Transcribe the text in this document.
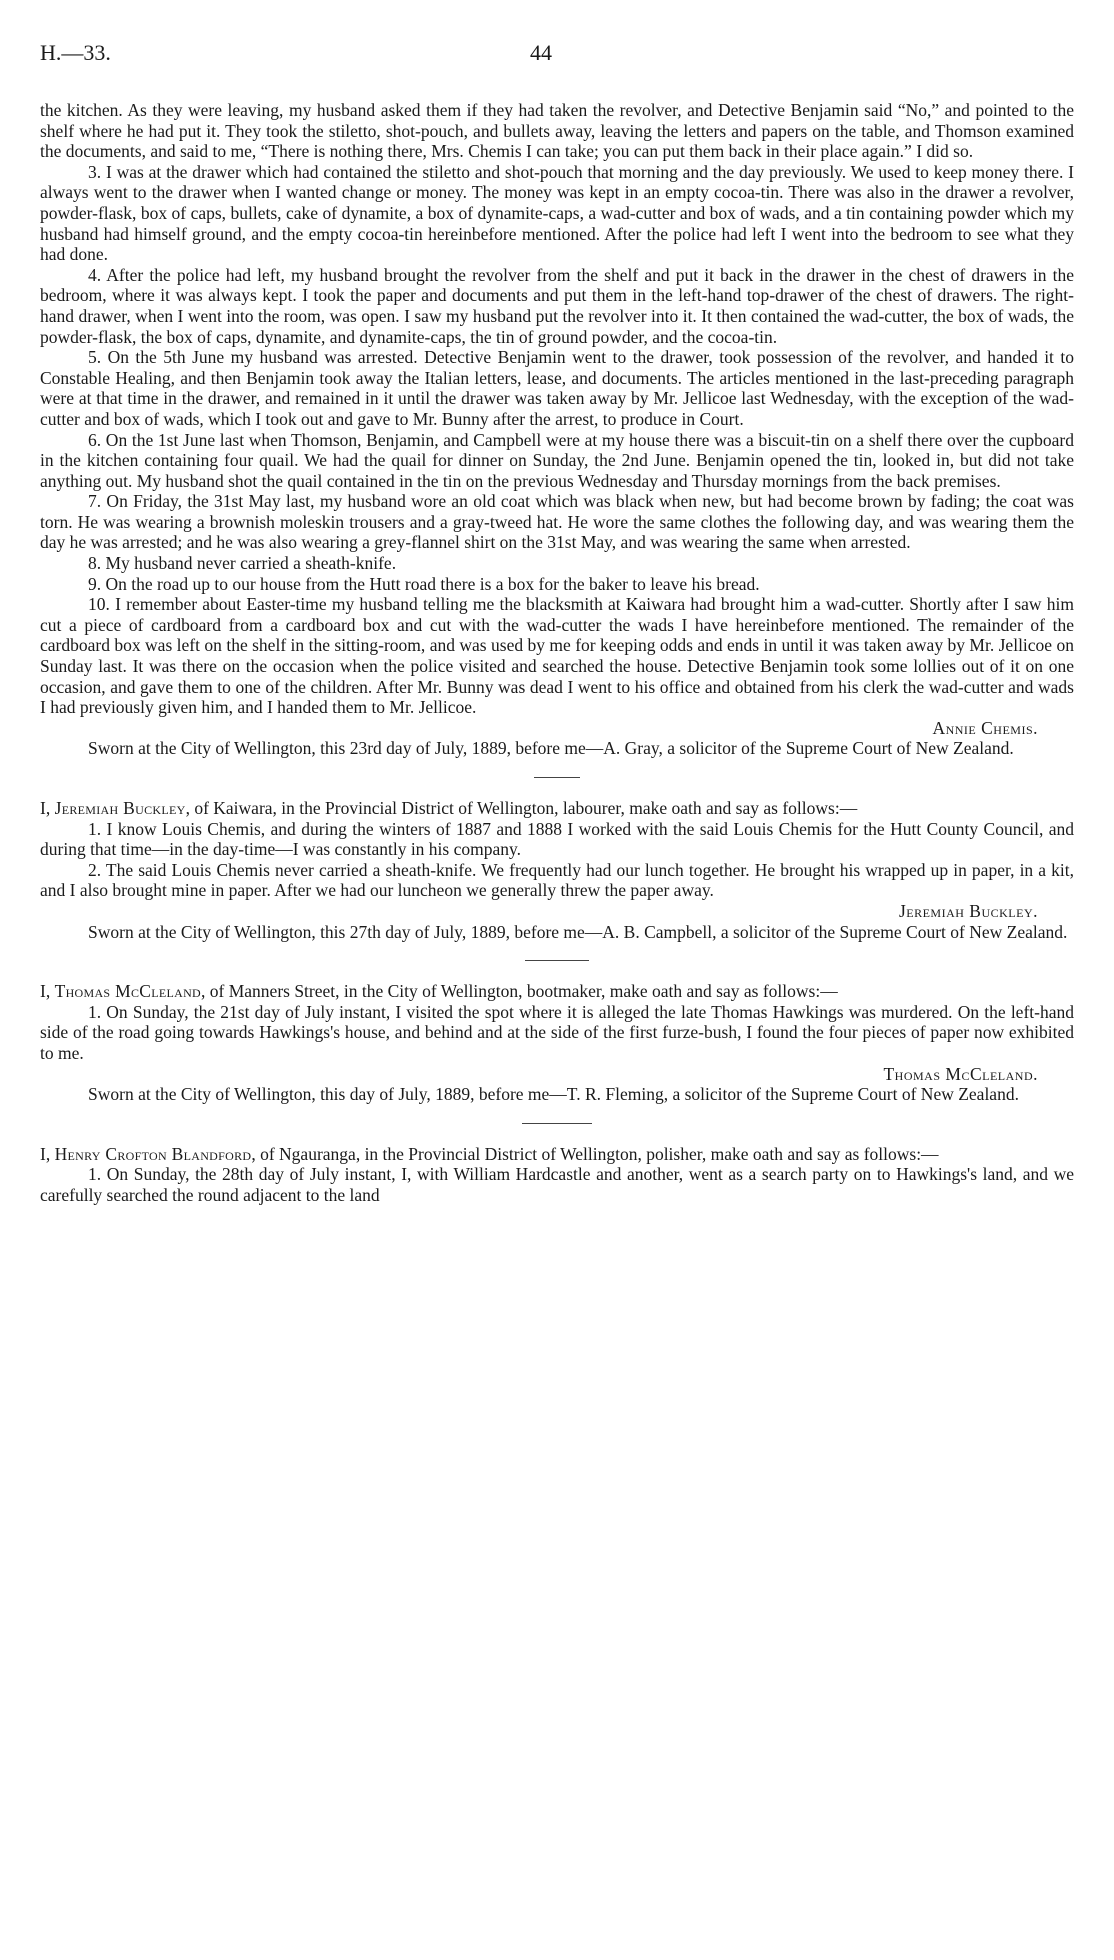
H.—33.	44

the kitchen. As they were leaving, my husband asked them if they had taken the revolver, and Detective Benjamin said “No,” and pointed to the shelf where he had put it. They took the stiletto, shot-pouch, and bullets away, leaving the letters and papers on the table, and Thomson examined the documents, and said to me, “There is nothing there, Mrs. Chemis I can take; you can put them back in their place again.” I did so.

3. I was at the drawer which had contained the stiletto and shot-pouch that morning and the day previously. We used to keep money there. I always went to the drawer when I wanted change or money. The money was kept in an empty cocoa-tin. There was also in the drawer a revolver, powder-flask, box of caps, bullets, cake of dynamite, a box of dynamite-caps, a wad-cutter and box of wads, and a tin containing powder which my husband had himself ground, and the empty cocoa-tin hereinbefore mentioned. After the police had left I went into the bedroom to see what they had done.

4. After the police had left, my husband brought the revolver from the shelf and put it back in the drawer in the chest of drawers in the bedroom, where it was always kept. I took the paper and documents and put them in the left-hand top-drawer of the chest of drawers. The right-hand drawer, when I went into the room, was open. I saw my husband put the revolver into it. It then contained the wad-cutter, the box of wads, the powder-flask, the box of caps, dynamite, and dynamite-caps, the tin of ground powder, and the cocoa-tin.

5. On the 5th June my husband was arrested. Detective Benjamin went to the drawer, took possession of the revolver, and handed it to Constable Healing, and then Benjamin took away the Italian letters, lease, and documents. The articles mentioned in the last-preceding paragraph were at that time in the drawer, and remained in it until the drawer was taken away by Mr. Jellicoe last Wednesday, with the exception of the wad-cutter and box of wads, which I took out and gave to Mr. Bunny after the arrest, to produce in Court.

6. On the 1st June last when Thomson, Benjamin, and Campbell were at my house there was a biscuit-tin on a shelf there over the cupboard in the kitchen containing four quail. We had the quail for dinner on Sunday, the 2nd June. Benjamin opened the tin, looked in, but did not take anything out. My husband shot the quail contained in the tin on the previous Wednesday and Thursday mornings from the back premises.

7. On Friday, the 31st May last, my husband wore an old coat which was black when new, but had become brown by fading; the coat was torn. He was wearing a brownish moleskin trousers and a gray-tweed hat. He wore the same clothes the following day, and was wearing them the day he was arrested; and he was also wearing a grey-flannel shirt on the 31st May, and was wearing the same when arrested.

8. My husband never carried a sheath-knife.

9. On the road up to our house from the Hutt road there is a box for the baker to leave his bread.

10. I remember about Easter-time my husband telling me the blacksmith at Kaiwara had brought him a wad-cutter. Shortly after I saw him cut a piece of cardboard from a cardboard box and cut with the wad-cutter the wads I have hereinbefore mentioned. The remainder of the cardboard box was left on the shelf in the sitting-room, and was used by me for keeping odds and ends in until it was taken away by Mr. Jellicoe on Sunday last. It was there on the occasion when the police visited and searched the house. Detective Benjamin took some lollies out of it on one occasion, and gave them to one of the children. After Mr. Bunny was dead I went to his office and obtained from his clerk the wad-cutter and wads I had previously given him, and I handed them to Mr. Jellicoe.

Annie Chemis.

Sworn at the City of Wellington, this 23rd day of July, 1889, before me—A. Gray, a solicitor of the Supreme Court of New Zealand.

I, Jeremiah Buckley, of Kaiwara, in the Provincial District of Wellington, labourer, make oath and say as follows:—

1. I know Louis Chemis, and during the winters of 1887 and 1888 I worked with the said Louis Chemis for the Hutt County Council, and during that time—in the day-time—I was constantly in his company.

2. The said Louis Chemis never carried a sheath-knife. We frequently had our lunch together. He brought his wrapped up in paper, in a kit, and I also brought mine in paper. After we had our luncheon we generally threw the paper away.

Jeremiah Buckley.

Sworn at the City of Wellington, this 27th day of July, 1889, before me—A. B. Campbell, a solicitor of the Supreme Court of New Zealand.

I, Thomas McCleland, of Manners Street, in the City of Wellington, bootmaker, make oath and say as follows:—

1. On Sunday, the 21st day of July instant, I visited the spot where it is alleged the late Thomas Hawkings was murdered. On the left-hand side of the road going towards Hawkings's house, and behind and at the side of the first furze-bush, I found the four pieces of paper now exhibited to me.

Thomas McCleland.

Sworn at the City of Wellington, this day of July, 1889, before me—T. R. Fleming, a solicitor of the Supreme Court of New Zealand.

I, Henry Crofton Blandford, of Ngauranga, in the Provincial District of Wellington, polisher, make oath and say as follows:—

1. On Sunday, the 28th day of July instant, I, with William Hardcastle and another, went as a search party on to Hawkings's land, and we carefully searched the round adjacent to the land
